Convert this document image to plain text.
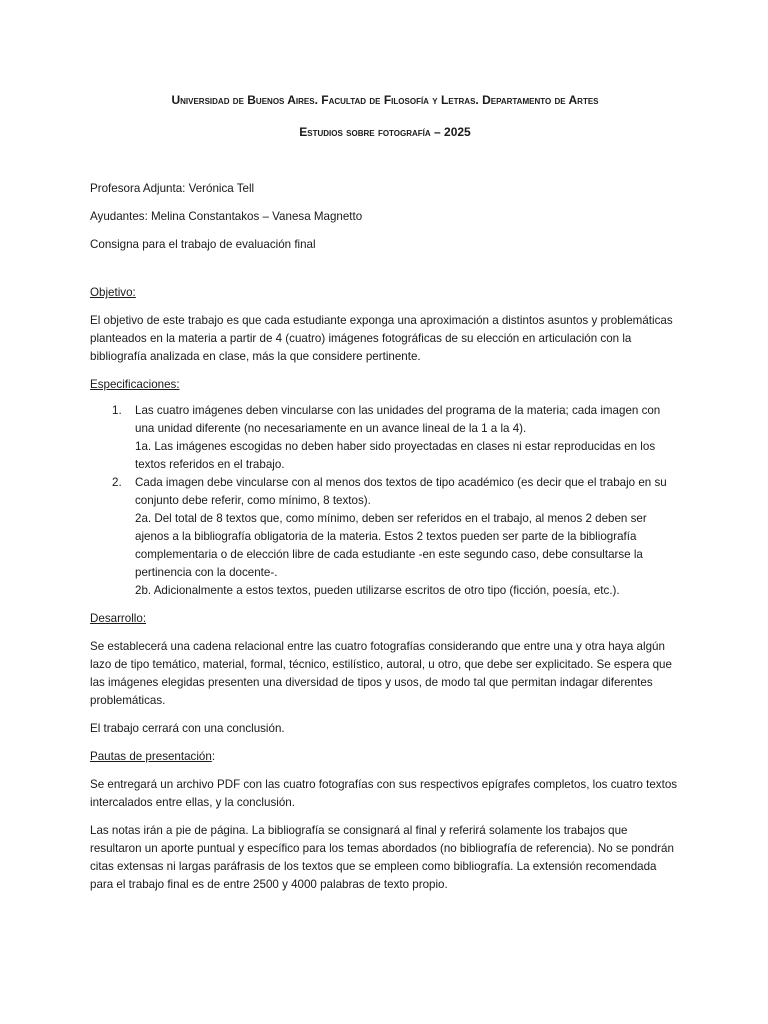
Universidad de Buenos Aires. Facultad de Filosofía y Letras. Departamento de Artes

Estudios sobre fotografía – 2025

Profesora Adjunta: Verónica Tell

Ayudantes: Melina Constantakos – Vanesa Magnetto

Consigna para el trabajo de evaluación final

Objetivo:

El objetivo de este trabajo es que cada estudiante exponga una aproximación a distintos asuntos y problemáticas planteados en la materia a partir de 4 (cuatro) imágenes fotográficas de su elección en articulación con la bibliografía analizada en clase, más la que considere pertinente.

Especificaciones:

1. Las cuatro imágenes deben vincularse con las unidades del programa de la materia; cada imagen con una unidad diferente (no necesariamente en un avance lineal de la 1 a la 4).
1a. Las imágenes escogidas no deben haber sido proyectadas en clases ni estar reproducidas en los textos referidos en el trabajo.
2. Cada imagen debe vincularse con al menos dos textos de tipo académico (es decir que el trabajo en su conjunto debe referir, como mínimo, 8 textos).
2a. Del total de 8 textos que, como mínimo, deben ser referidos en el trabajo, al menos 2 deben ser ajenos a la bibliografía obligatoria de la materia. Estos 2 textos pueden ser parte de la bibliografía complementaria o de elección libre de cada estudiante -en este segundo caso, debe consultarse la pertinencia con la docente-.
2b. Adicionalmente a estos textos, pueden utilizarse escritos de otro tipo (ficción, poesía, etc.).

Desarrollo:

Se establecerá una cadena relacional entre las cuatro fotografías considerando que entre una y otra haya algún lazo de tipo temático, material, formal, técnico, estilístico, autoral, u otro, que debe ser explicitado. Se espera que las imágenes elegidas presenten una diversidad de tipos y usos, de modo tal que permitan indagar diferentes problemáticas.

El trabajo cerrará con una conclusión.

Pautas de presentación:

Se entregará un archivo PDF con las cuatro fotografías con sus respectivos epígrafes completos, los cuatro textos intercalados entre ellas, y la conclusión.

Las notas irán a pie de página. La bibliografía se consignará al final y referirá solamente los trabajos que resultaron un aporte puntual y específico para los temas abordados (no bibliografía de referencia). No se pondrán citas extensas ni largas paráfrasis de los textos que se empleen como bibliografía. La extensión recomendada para el trabajo final es de entre 2500 y 4000 palabras de texto propio.
